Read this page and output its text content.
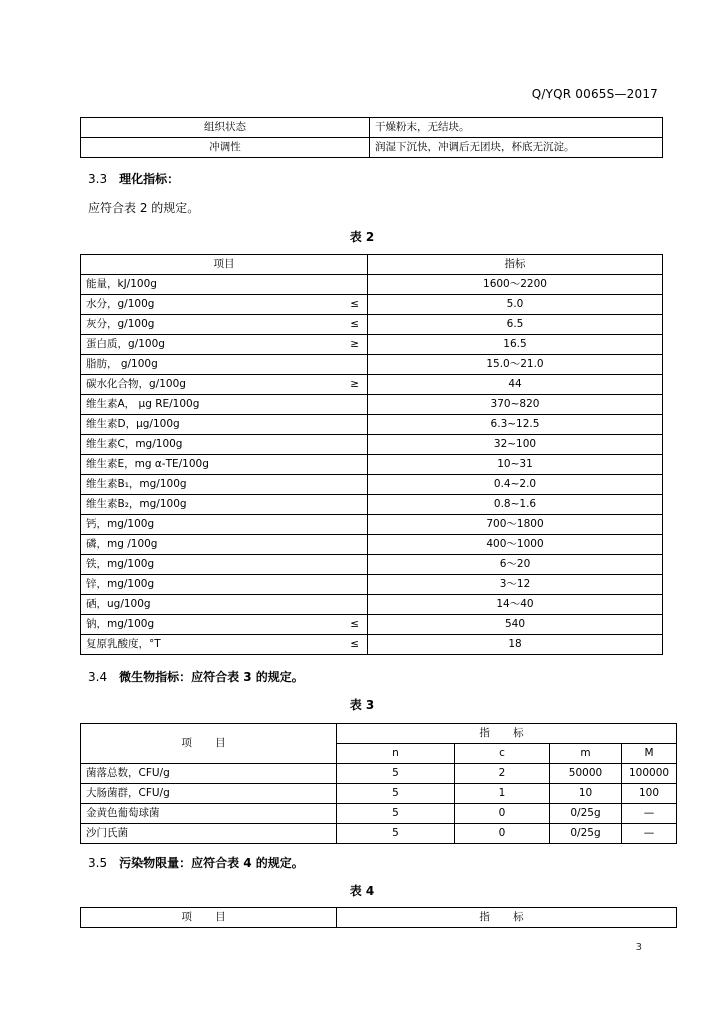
Q/YQR 0065S—2017
组织状态	干燥粉末，无结块。
冲调性	润湿下沉快，冲调后无团块，杯底无沉淀。
3.3 理化指标：
应符合表 2 的规定。
表 2
项目	指标
能量，kJ/100g	1600～2200
水分，g/100g ≤	5.0
灰分，g/100g ≤	6.5
蛋白质，g/100g ≥	16.5
脂肪， g/100g	15.0～21.0
碳水化合物，g/100g ≥	44
维生素A， μg RE/100g	370~820
维生素D，μg/100g	6.3~12.5
维生素C，mg/100g	32~100
维生素E，mg α-TE/100g	10~31
维生素B₁，mg/100g	0.4~2.0
维生素B₂，mg/100g	0.8~1.6
钙，mg/100g	700～1800
磷，mg /100g	400～1000
铁，mg/100g	6～20
锌，mg/100g	3～12
硒，ug/100g	14～40
钠，mg/100g ≤	540
复原乳酸度，°T ≤	18
3.4 微生物指标：应符合表 3 的规定。
表 3
项 目	指 标			
	n	c	m	M
菌落总数，CFU/g	5	2	50000	100000
大肠菌群，CFU/g	5	1	10	100
金黄色葡萄球菌	5	0	0/25g	—
沙门氏菌	5	0	0/25g	—
3.5 污染物限量：应符合表 4 的规定。
表 4
项 目	指 标
3
